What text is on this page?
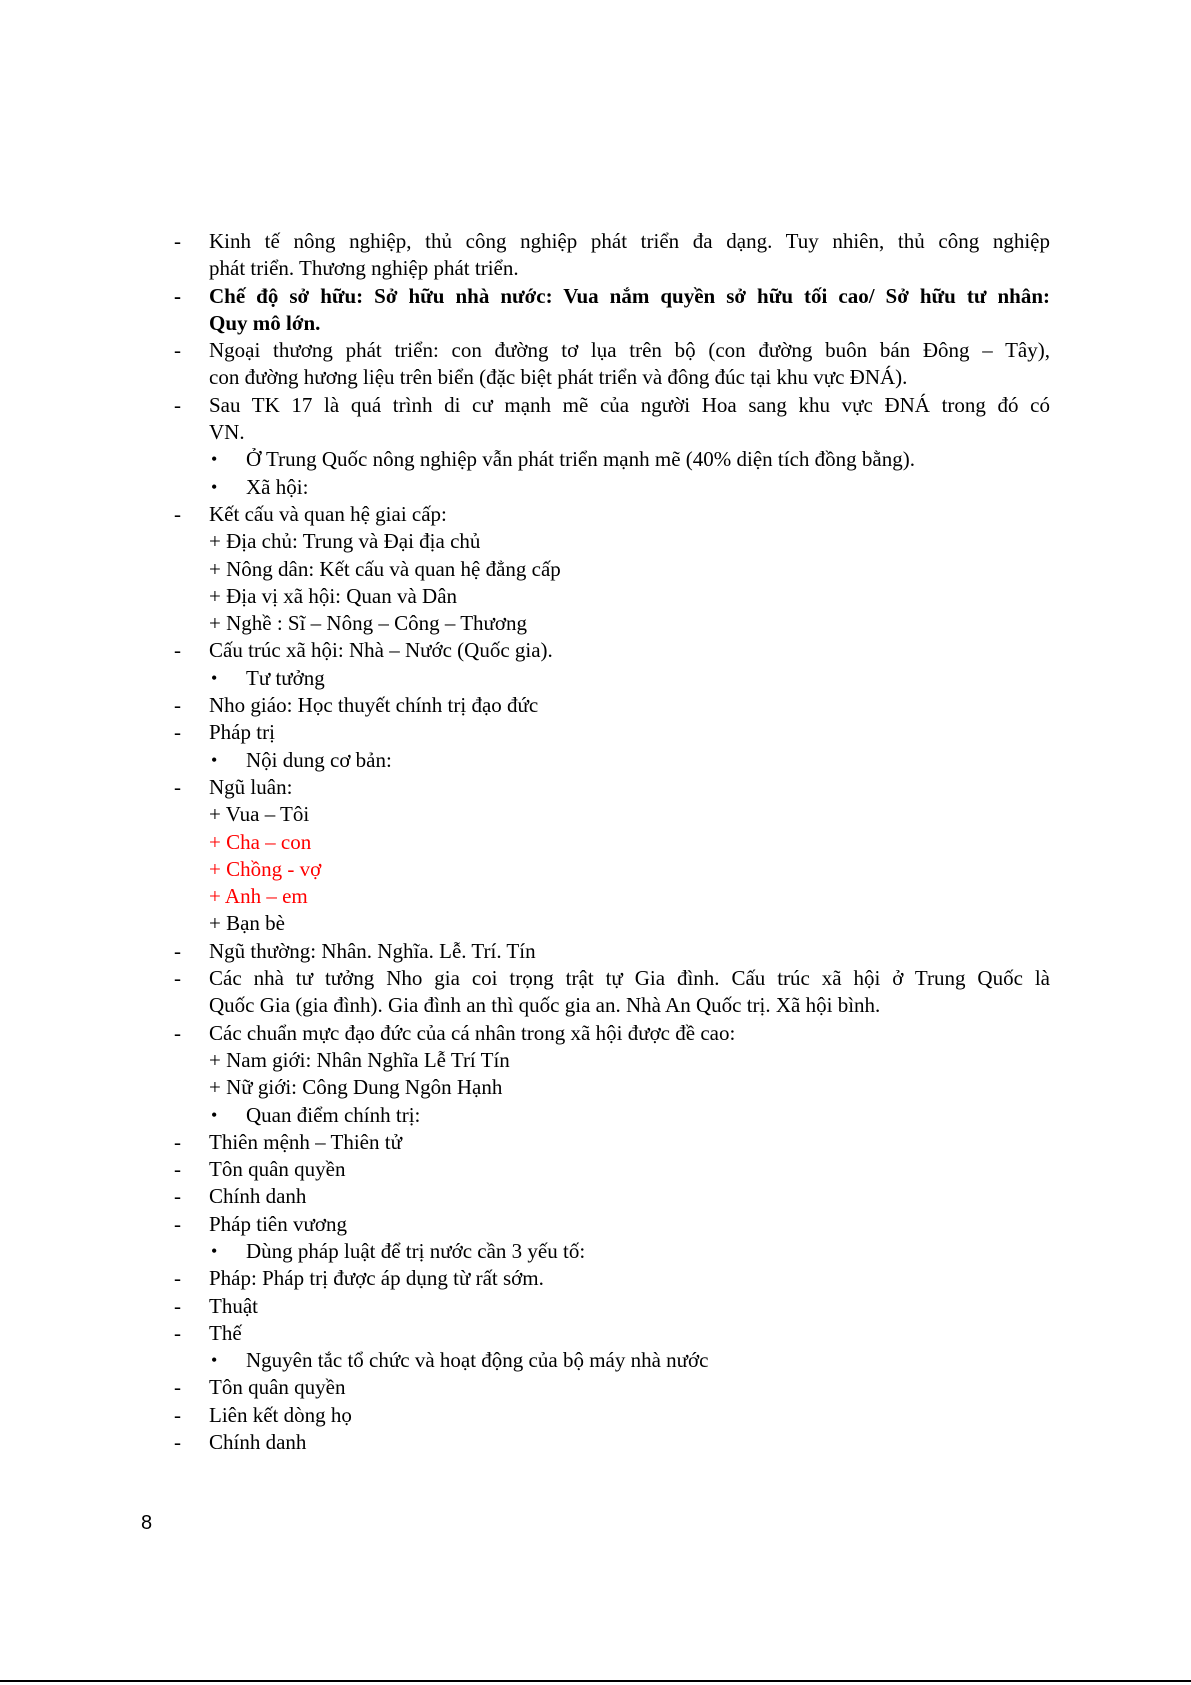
- Kinh tế nông nghiệp, thủ công nghiệp phát triển đa dạng. Tuy nhiên, thủ công nghiệp
phát triển. Thương nghiệp phát triển.
- Chế độ sở hữu: Sở hữu nhà nước: Vua nắm quyền sở hữu tối cao/ Sở hữu tư nhân:
Quy mô lớn.
- Ngoại thương phát triển: con đường tơ lụa trên bộ (con đường buôn bán Đông – Tây),
con đường hương liệu trên biển (đặc biệt phát triển và đông đúc tại khu vực ĐNÁ).
- Sau TK 17 là quá trình di cư mạnh mẽ của người Hoa sang khu vực ĐNÁ trong đó có
VN.
• Ở Trung Quốc nông nghiệp vẫn phát triển mạnh mẽ (40% diện tích đồng bằng).
• Xã hội:
- Kết cấu và quan hệ giai cấp:
+ Địa chủ: Trung và Đại địa chủ
+ Nông dân: Kết cấu và quan hệ đẳng cấp
+ Địa vị xã hội: Quan và Dân
+ Nghề : Sĩ – Nông – Công – Thương
- Cấu trúc xã hội: Nhà – Nước (Quốc gia).
• Tư tưởng
- Nho giáo: Học thuyết chính trị đạo đức
- Pháp trị
• Nội dung cơ bản:
- Ngũ luân:
+ Vua – Tôi
+ Cha – con
+ Chồng - vợ
+ Anh – em
+ Bạn bè
- Ngũ thường: Nhân. Nghĩa. Lễ. Trí. Tín
- Các nhà tư tưởng Nho gia coi trọng trật tự Gia đình. Cấu trúc xã hội ở Trung Quốc là
Quốc Gia (gia đình). Gia đình an thì quốc gia an. Nhà An Quốc trị. Xã hội bình.
- Các chuẩn mực đạo đức của cá nhân trong xã hội được đề cao:
+ Nam giới: Nhân Nghĩa Lễ Trí Tín
+ Nữ giới: Công Dung Ngôn Hạnh
• Quan điểm chính trị:
- Thiên mệnh – Thiên tử
- Tôn quân quyền
- Chính danh
- Pháp tiên vương
• Dùng pháp luật để trị nước cần 3 yếu tố:
- Pháp: Pháp trị được áp dụng từ rất sớm.
- Thuật
- Thế
• Nguyên tắc tổ chức và hoạt động của bộ máy nhà nước
- Tôn quân quyền
- Liên kết dòng họ
- Chính danh
8
